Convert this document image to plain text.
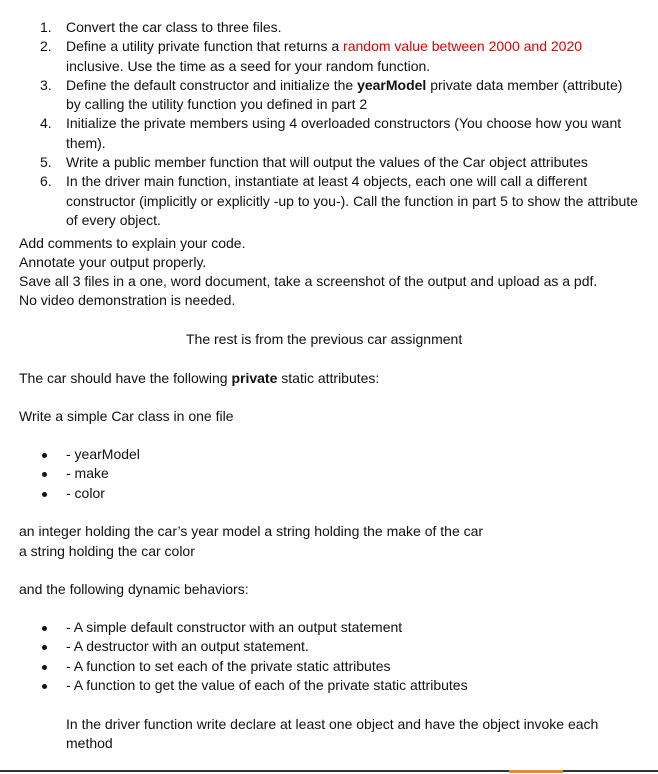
1. Convert the car class to three files.
2. Define a utility private function that returns a random value between 2000 and 2020 inclusive. Use the time as a seed for your random function.
3. Define the default constructor and initialize the yearModel private data member (attribute) by calling the utility function you defined in part 2
4. Initialize the private members using 4 overloaded constructors (You choose how you want them).
5. Write a public member function that will output the values of the Car object attributes
6. In the driver main function, instantiate at least 4 objects, each one will call a different constructor (implicitly or explicitly -up to you-). Call the function in part 5 to show the attribute of every object.
Add comments to explain your code.
Annotate your output properly.
Save all 3 files in a one, word document, take a screenshot of the output and upload as a pdf.
No video demonstration is needed.
The rest is from the previous car assignment
The car should have the following private static attributes:
Write a simple Car class in one file
- yearModel
- make
- color
an integer holding the car’s year model a string holding the make of the car
a string holding the car color
and the following dynamic behaviors:
- A simple default constructor with an output statement
- A destructor with an output statement.
- A function to set each of the private static attributes
- A function to get the value of each of the private static attributes
In the driver function write declare at least one object and have the object invoke each method
